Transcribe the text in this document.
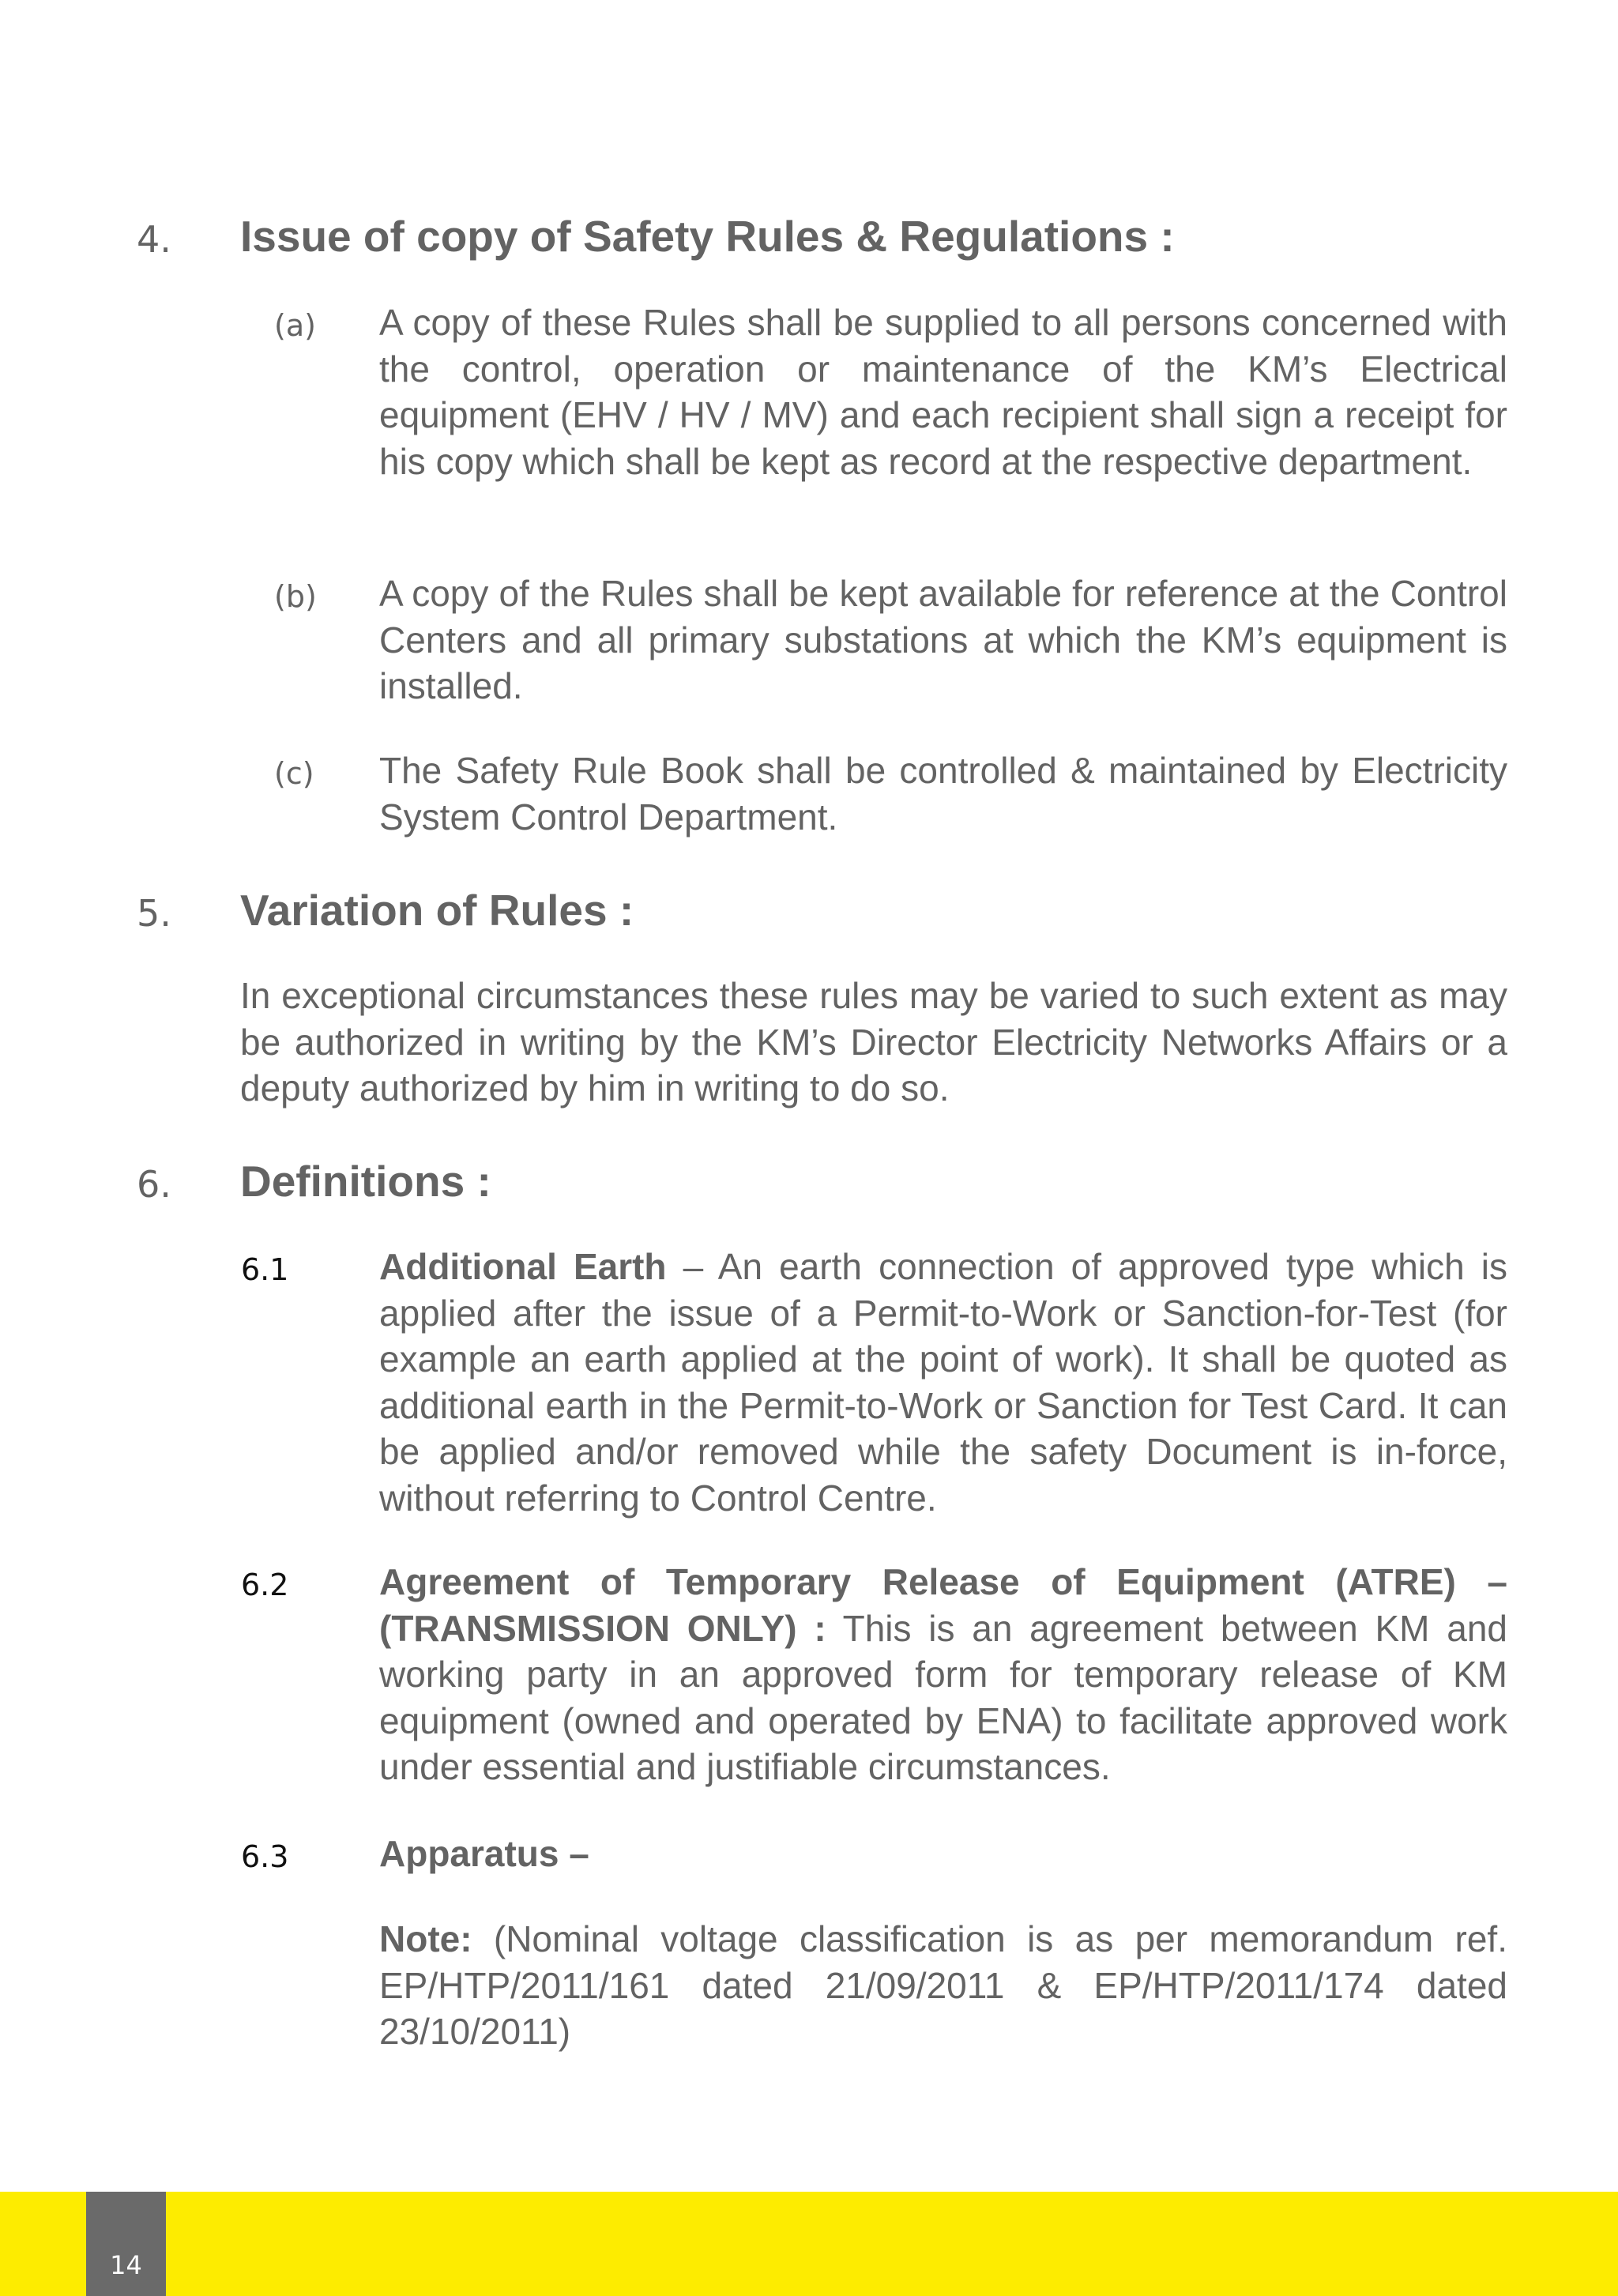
4. Issue of copy of Safety Rules & Regulations :
(a) A copy of these Rules shall be supplied to all persons concerned with the control, operation or maintenance of the KM’s Electrical equipment (EHV / HV / MV) and each recipient shall sign a receipt for his copy which shall be kept as record at the respective department.
(b) A copy of the Rules shall be kept available for reference at the Control Centers and all primary substations at which the KM’s equipment is installed.
(c) The Safety Rule Book shall be controlled & maintained by Electricity System Control Department.
5. Variation of Rules :
In exceptional circumstances these rules may be varied to such extent as may be authorized in writing by the KM’s Director Electricity Networks Affairs or a deputy authorized by him in writing to do so.
6. Definitions :
6.1 Additional Earth – An earth connection of approved type which is applied after the issue of a Permit-to-Work or Sanction-for-Test (for example an earth applied at the point of work). It shall be quoted as additional earth in the Permit-to-Work or Sanction for Test Card. It can be applied and/or removed while the safety Document is in-force, without referring to Control Centre.
6.2 Agreement of Temporary Release of Equipment (ATRE) – (TRANSMISSION ONLY) : This is an agreement between KM and working party in an approved form for temporary release of KM equipment (owned and operated by ENA) to facilitate approved work under essential and justifiable circumstances.
6.3 Apparatus –
Note: (Nominal voltage classification is as per memorandum ref. EP/HTP/2011/161 dated 21/09/2011 & EP/HTP/2011/174 dated 23/10/2011)
14
